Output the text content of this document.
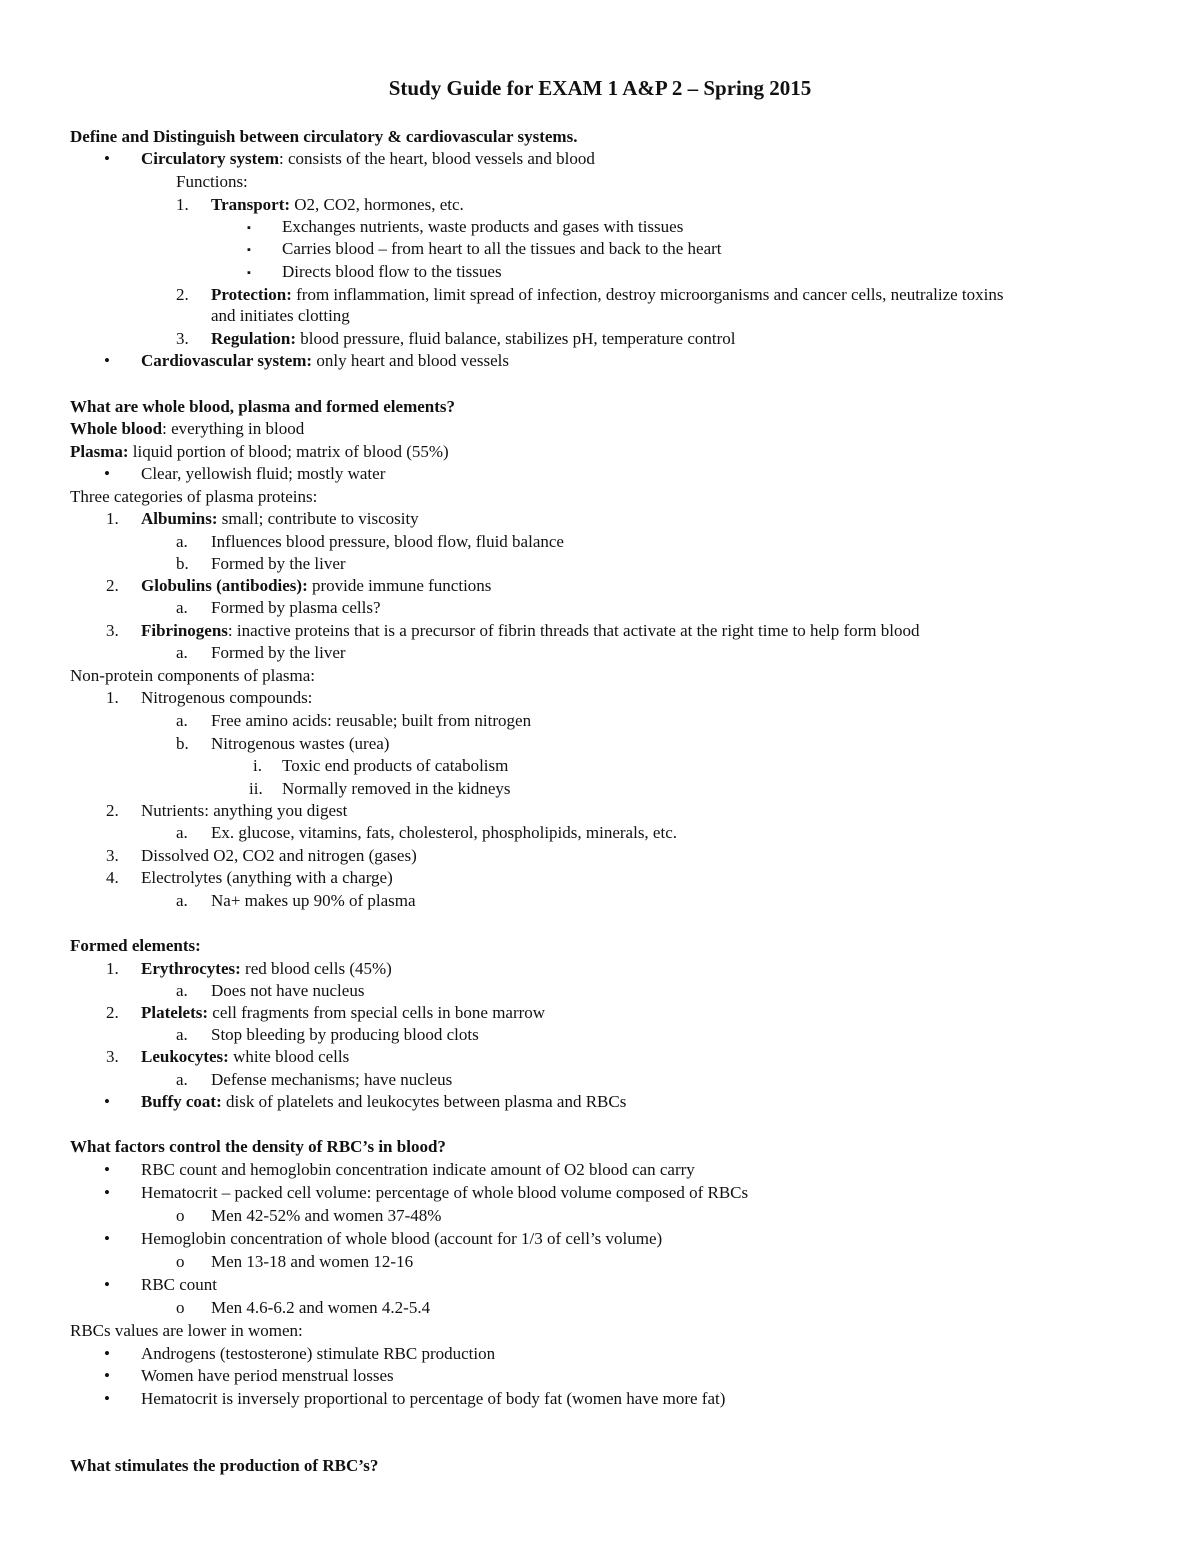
Study Guide for EXAM 1 A&P 2 – Spring 2015
Define and Distinguish between circulatory & cardiovascular systems.
• Circulatory system: consists of the heart, blood vessels and blood
Functions:
1. Transport: O2, CO2, hormones, etc.
▪ Exchanges nutrients, waste products and gases with tissues
▪ Carries blood – from heart to all the tissues and back to the heart
▪ Directs blood flow to the tissues
2. Protection: from inflammation, limit spread of infection, destroy microorganisms and cancer cells, neutralize toxins
and initiates clotting
3. Regulation: blood pressure, fluid balance, stabilizes pH, temperature control
• Cardiovascular system: only heart and blood vessels
What are whole blood, plasma and formed elements?
Whole blood: everything in blood
Plasma: liquid portion of blood; matrix of blood (55%)
• Clear, yellowish fluid; mostly water
Three categories of plasma proteins:
1. Albumins: small; contribute to viscosity
a. Influences blood pressure, blood flow, fluid balance
b. Formed by the liver
2. Globulins (antibodies): provide immune functions
a. Formed by plasma cells?
3. Fibrinogens: inactive proteins that is a precursor of fibrin threads that activate at the right time to help form blood
a. Formed by the liver
Non-protein components of plasma:
1. Nitrogenous compounds:
a. Free amino acids: reusable; built from nitrogen
b. Nitrogenous wastes (urea)
i. Toxic end products of catabolism
ii. Normally removed in the kidneys
2. Nutrients: anything you digest
a. Ex. glucose, vitamins, fats, cholesterol, phospholipids, minerals, etc.
3. Dissolved O2, CO2 and nitrogen (gases)
4. Electrolytes (anything with a charge)
a. Na+ makes up 90% of plasma
Formed elements:
1. Erythrocytes: red blood cells (45%)
a. Does not have nucleus
2. Platelets: cell fragments from special cells in bone marrow
a. Stop bleeding by producing blood clots
3. Leukocytes: white blood cells
a. Defense mechanisms; have nucleus
• Buffy coat: disk of platelets and leukocytes between plasma and RBCs
What factors control the density of RBC’s in blood?
• RBC count and hemoglobin concentration indicate amount of O2 blood can carry
• Hematocrit – packed cell volume: percentage of whole blood volume composed of RBCs
o Men 42-52% and women 37-48%
• Hemoglobin concentration of whole blood (account for 1/3 of cell’s volume)
o Men 13-18 and women 12-16
• RBC count
o Men 4.6-6.2 and women 4.2-5.4
RBCs values are lower in women:
• Androgens (testosterone) stimulate RBC production
• Women have period menstrual losses
• Hematocrit is inversely proportional to percentage of body fat (women have more fat)
What stimulates the production of RBC’s?
